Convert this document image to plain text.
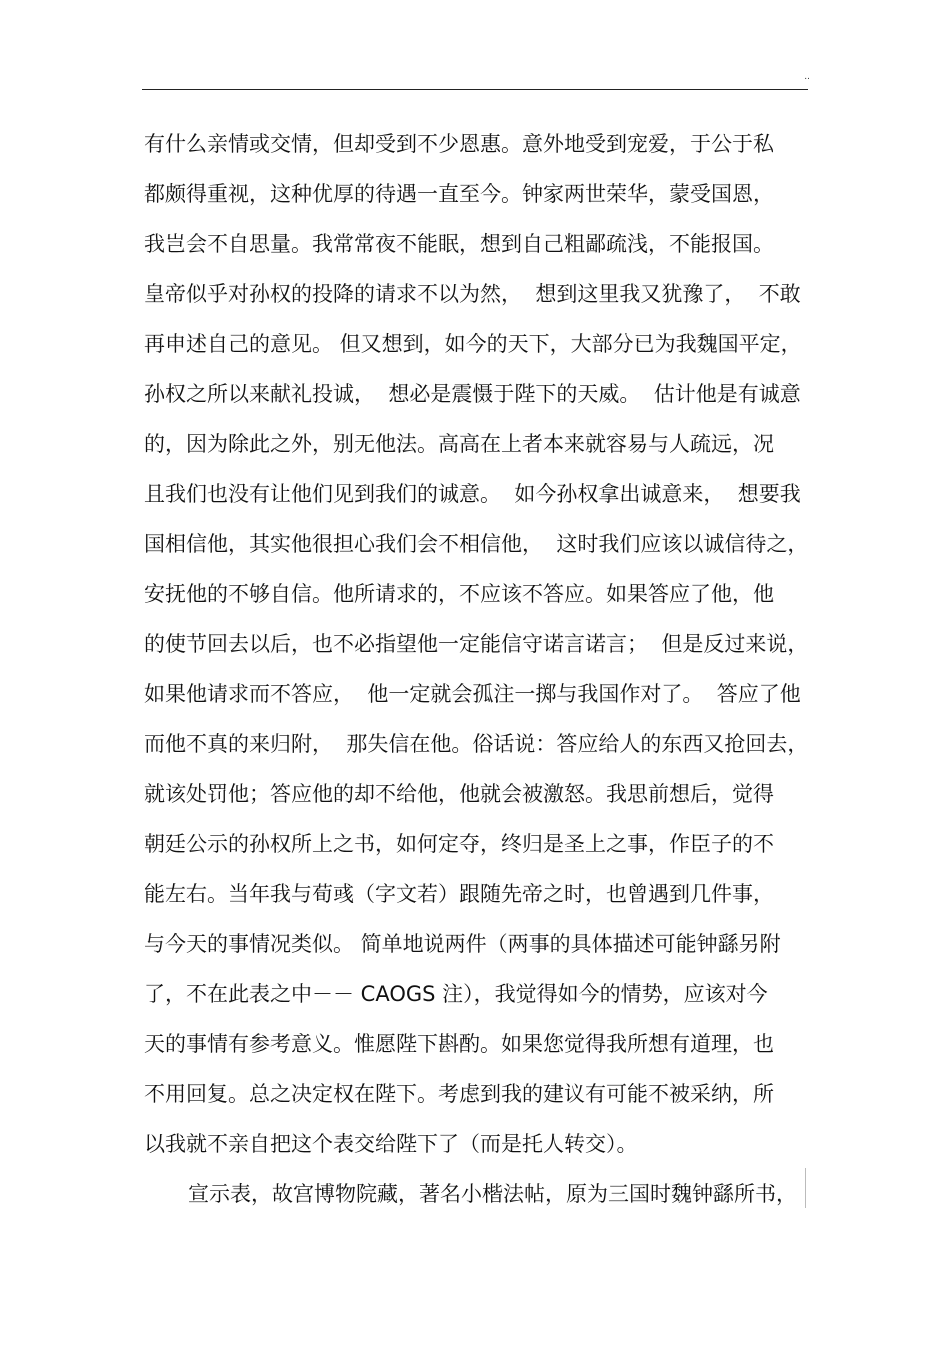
..
有什么亲情或交情，但却受到不少恩惠。意外地受到宠爱，于公于私
都颇得重视，这种优厚的待遇一直至今。钟家两世荣华，蒙受国恩，
我岂会不自思量。我常常夜不能眠，想到自己粗鄙疏浅，不能报国。
皇帝似乎对孙权的投降的请求不以为然，  想到这里我又犹豫了，  不敢
再申述自己的意见。 但又想到，如今的天下，大部分已为我魏国平定，
孙权之所以来献礼投诚，  想必是震慑于陛下的天威。  估计他是有诚意
的，因为除此之外，别无他法。高高在上者本来就容易与人疏远，况
且我们也没有让他们见到我们的诚意。  如今孙权拿出诚意来，  想要我
国相信他，其实他很担心我们会不相信他，  这时我们应该以诚信待之，
安抚他的不够自信。他所请求的，不应该不答应。如果答应了他，他
的使节回去以后，也不必指望他一定能信守诺言诺言；  但是反过来说，
如果他请求而不答应，  他一定就会孤注一掷与我国作对了。  答应了他
而他不真的来归附，  那失信在他。俗话说：答应给人的东西又抢回去，
就该处罚他；答应他的却不给他，他就会被激怒。我思前想后，觉得
朝廷公示的孙权所上之书，如何定夺，终归是圣上之事，作臣子的不
能左右。当年我与荀彧（字文若）跟随先帝之时，也曾遇到几件事，
与今天的事情况类似。 简单地说两件（两事的具体描述可能钟繇另附
了，不在此表之中－－ CAOGS 注），我觉得如今的情势，应该对今
天的事情有参考意义。惟愿陛下斟酌。如果您觉得我所想有道理，也
不用回复。总之决定权在陛下。考虑到我的建议有可能不被采纳，所
以我就不亲自把这个表交给陛下了（而是托人转交）。
宣示表，故宫博物院藏，著名小楷法帖，原为三国时魏钟繇所书，
